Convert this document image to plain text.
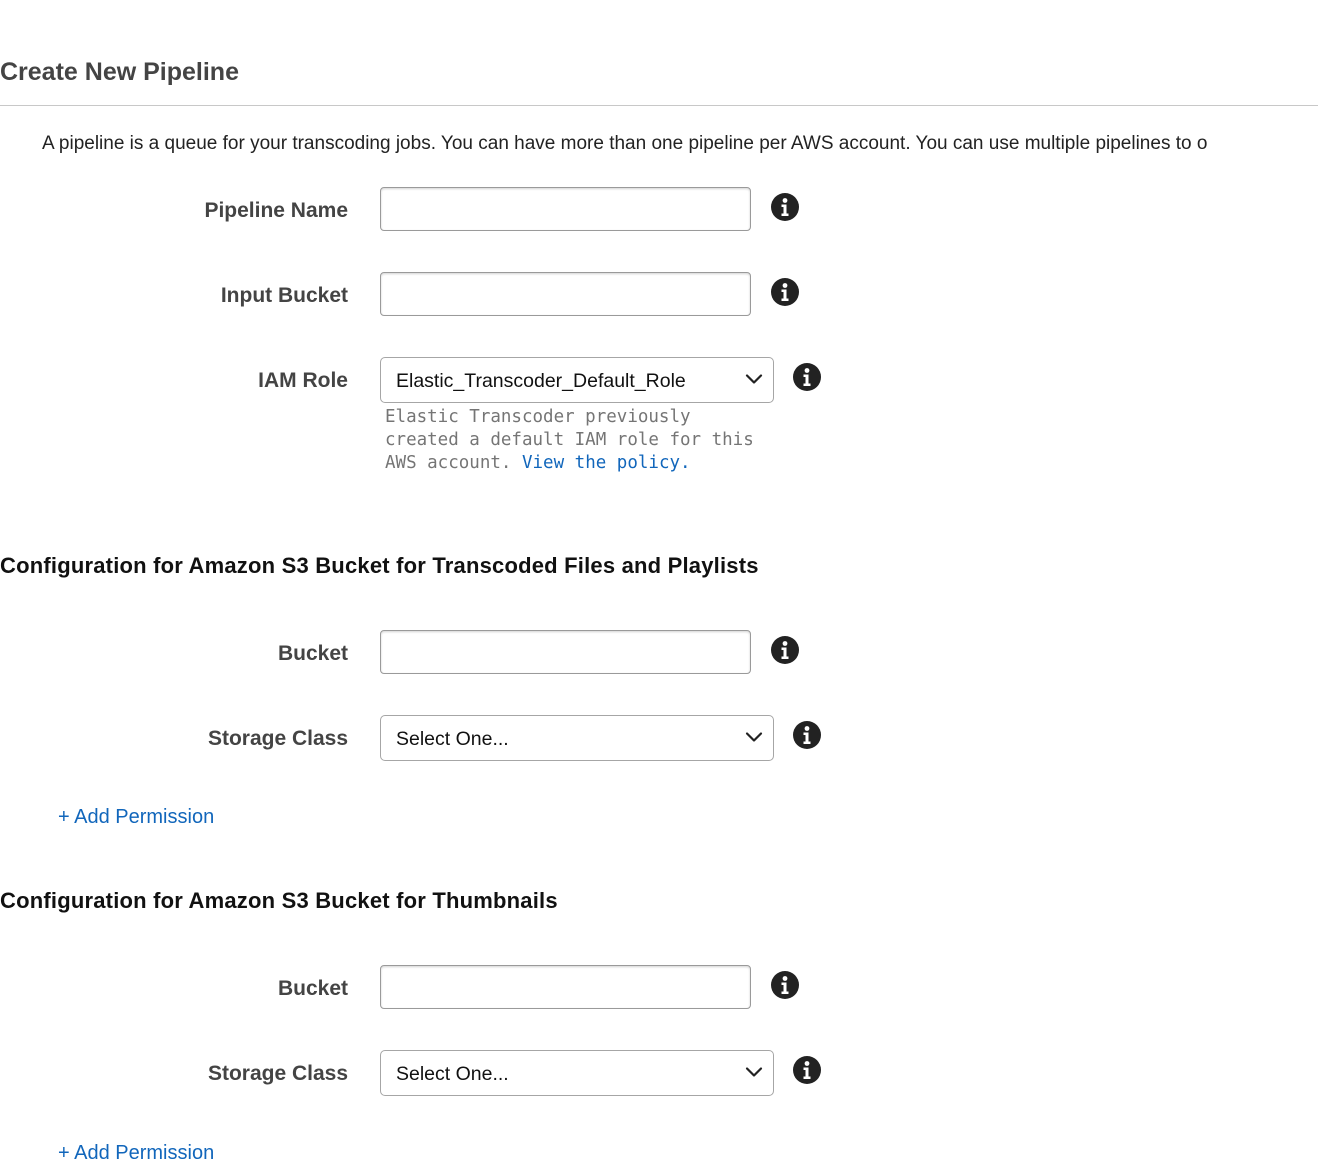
Create New Pipeline
A pipeline is a queue for your transcoding jobs. You can have more than one pipeline per AWS account. You can use multiple pipelines to o
Pipeline Name
Input Bucket
IAM Role Elastic_Transcoder_Default_Role
Elastic Transcoder previously created a default IAM role for this AWS account. View the policy.
Configuration for Amazon S3 Bucket for Transcoded Files and Playlists
Bucket
Storage Class Select One...
+ Add Permission
Configuration for Amazon S3 Bucket for Thumbnails
Bucket
Storage Class Select One...
+ Add Permission
